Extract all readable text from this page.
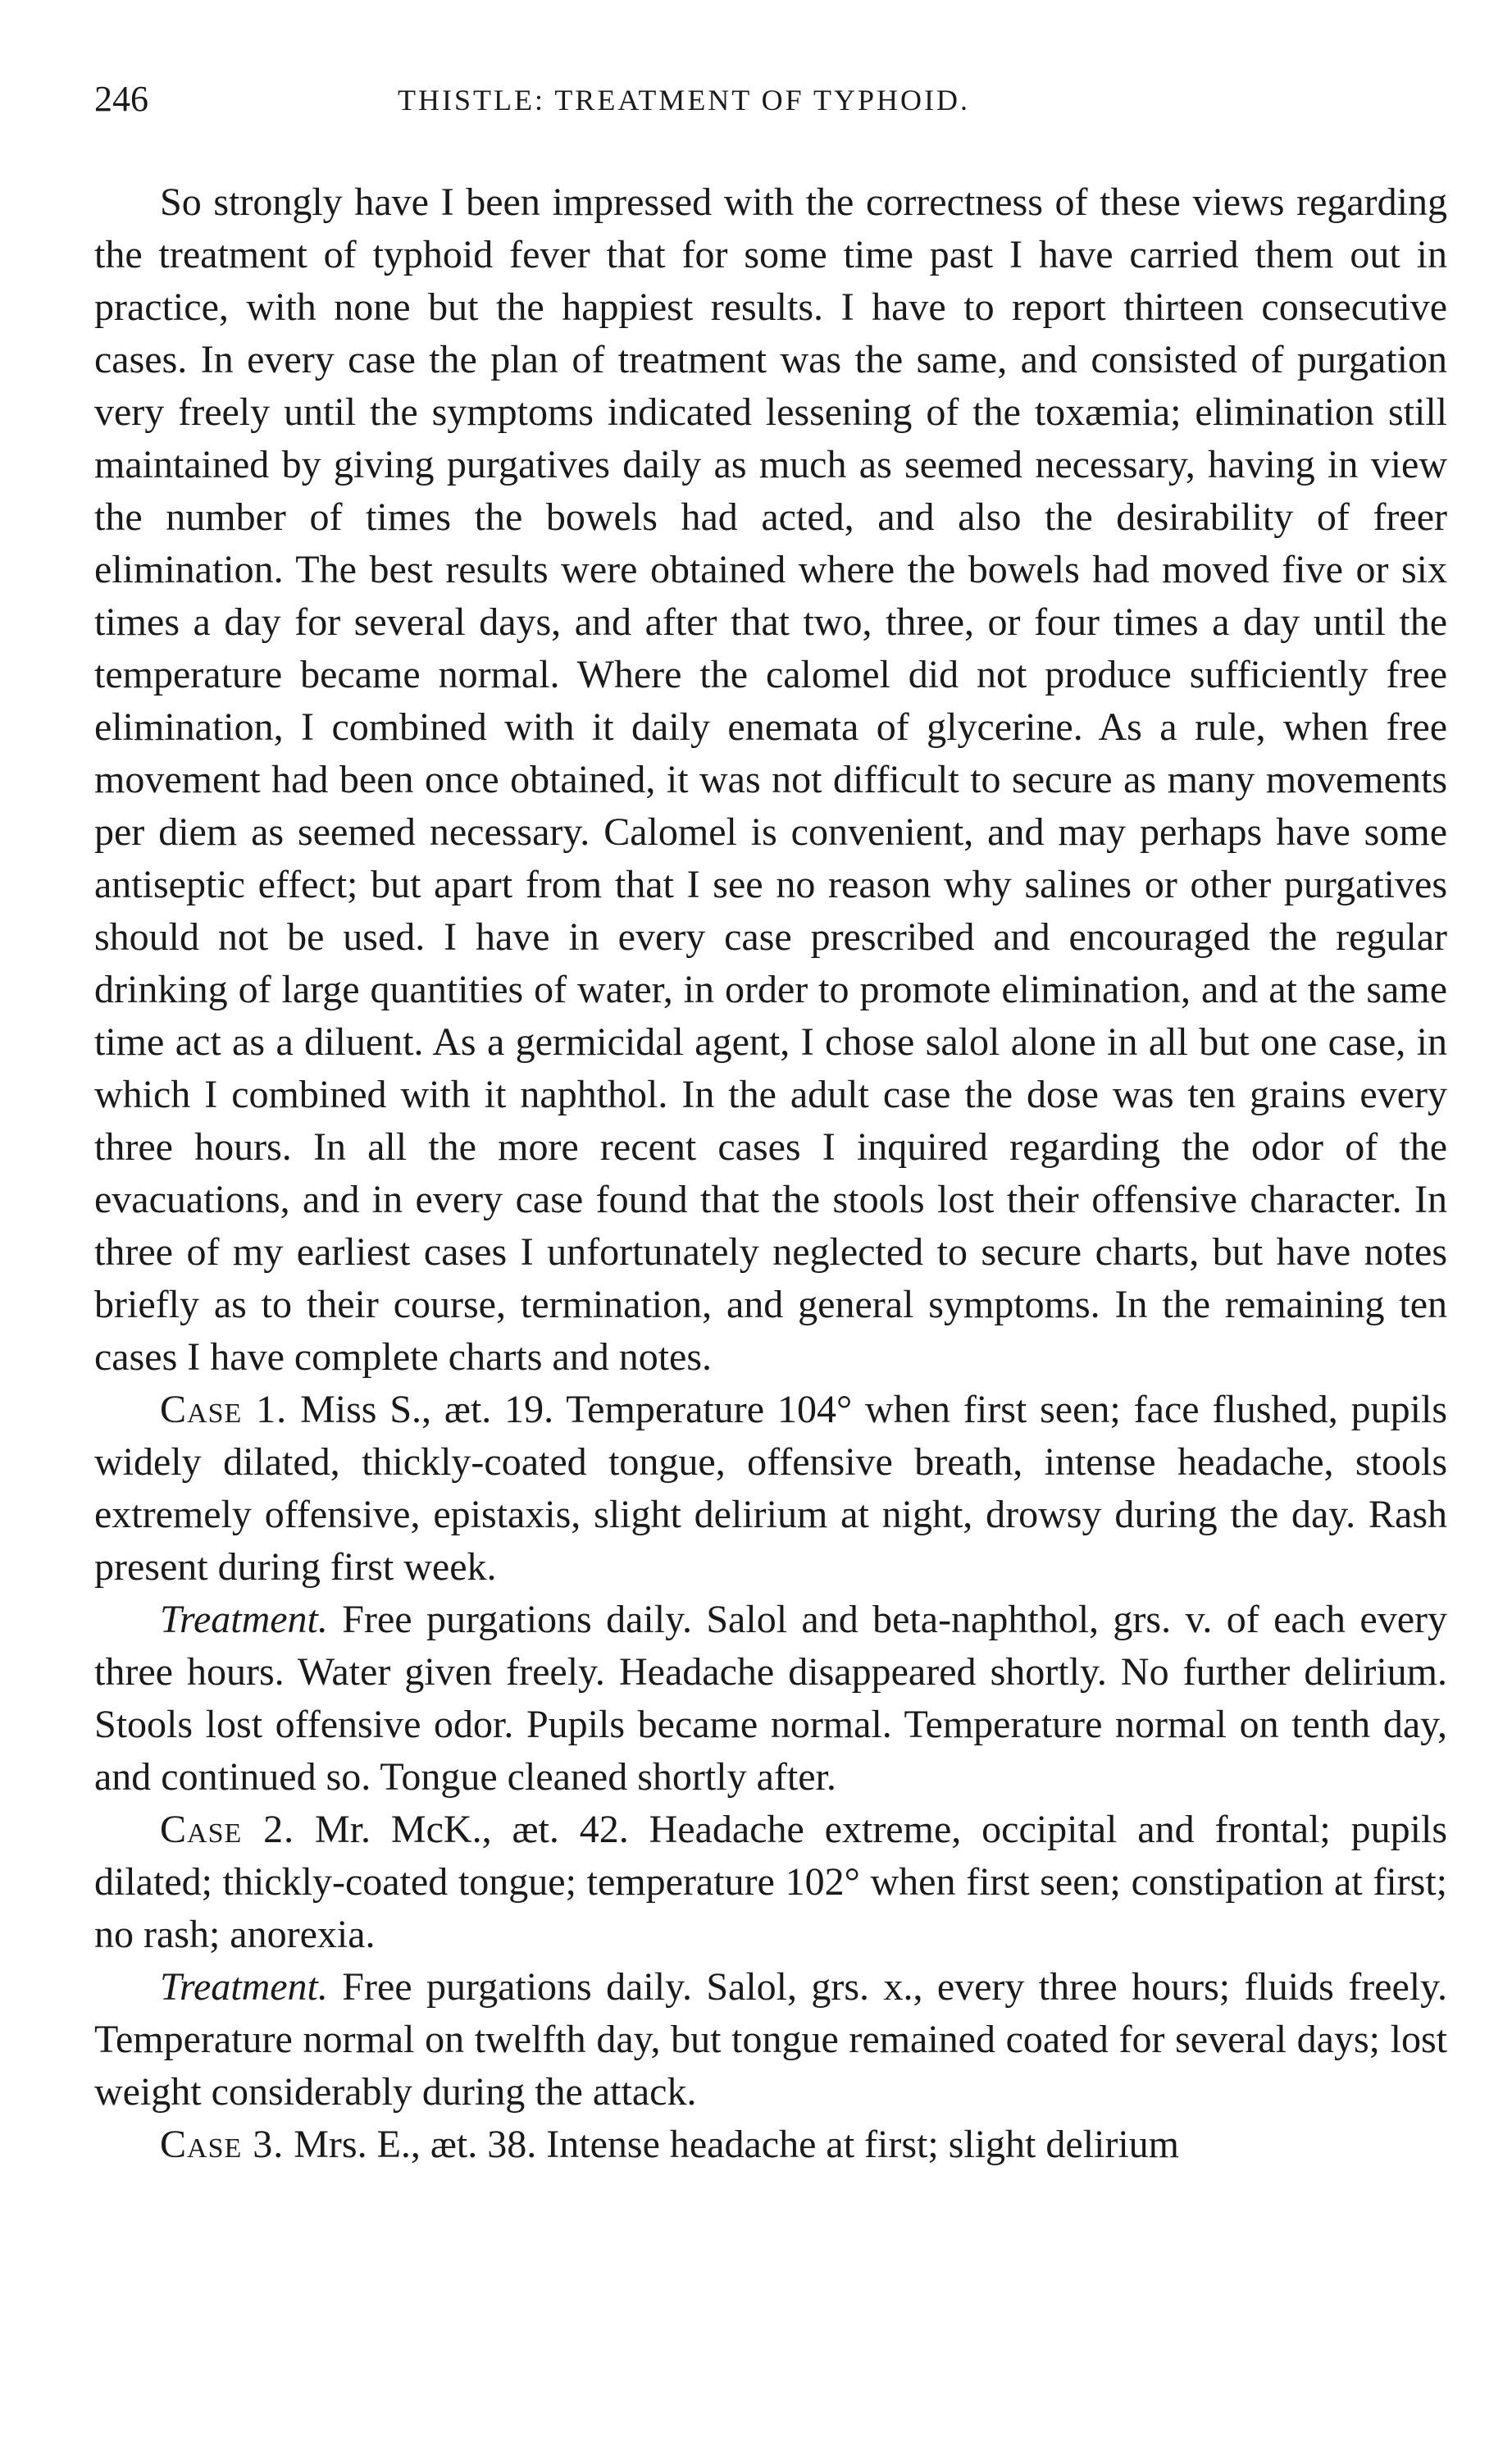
246	THISTLE: TREATMENT OF TYPHOID.

So strongly have I been impressed with the correctness of these views regarding the treatment of typhoid fever that for some time past I have carried them out in practice, with none but the happiest results. I have to report thirteen consecutive cases. In every case the plan of treatment was the same, and consisted of purgation very freely until the symptoms indicated lessening of the toxæmia; elimination still maintained by giving purgatives daily as much as seemed necessary, having in view the number of times the bowels had acted, and also the desirability of freer elimination. The best results were obtained where the bowels had moved five or six times a day for several days, and after that two, three, or four times a day until the temperature became normal. Where the calomel did not produce sufficiently free elimination, I combined with it daily enemata of glycerine. As a rule, when free movement had been once obtained, it was not difficult to secure as many movements per diem as seemed necessary. Calomel is convenient, and may perhaps have some antiseptic effect; but apart from that I see no reason why salines or other purgatives should not be used. I have in every case prescribed and encouraged the regular drinking of large quantities of water, in order to promote elimination, and at the same time act as a diluent. As a germicidal agent, I chose salol alone in all but one case, in which I combined with it naphthol. In the adult case the dose was ten grains every three hours. In all the more recent cases I inquired regarding the odor of the evacuations, and in every case found that the stools lost their offensive character. In three of my earliest cases I unfortunately neglected to secure charts, but have notes briefly as to their course, termination, and general symptoms. In the remaining ten cases I have complete charts and notes.

Case 1. Miss S., æt. 19. Temperature 104° when first seen; face flushed, pupils widely dilated, thickly-coated tongue, offensive breath, intense headache, stools extremely offensive, epistaxis, slight delirium at night, drowsy during the day. Rash present during first week.

Treatment. Free purgations daily. Salol and beta-naphthol, grs. v. of each every three hours. Water given freely. Headache disappeared shortly. No further delirium. Stools lost offensive odor. Pupils became normal. Temperature normal on tenth day, and continued so. Tongue cleaned shortly after.

Case 2. Mr. McK., æt. 42. Headache extreme, occipital and frontal; pupils dilated; thickly-coated tongue; temperature 102° when first seen; constipation at first; no rash; anorexia.

Treatment. Free purgations daily. Salol, grs. x., every three hours; fluids freely. Temperature normal on twelfth day, but tongue remained coated for several days; lost weight considerably during the attack.

Case 3. Mrs. E., æt. 38. Intense headache at first; slight delirium
